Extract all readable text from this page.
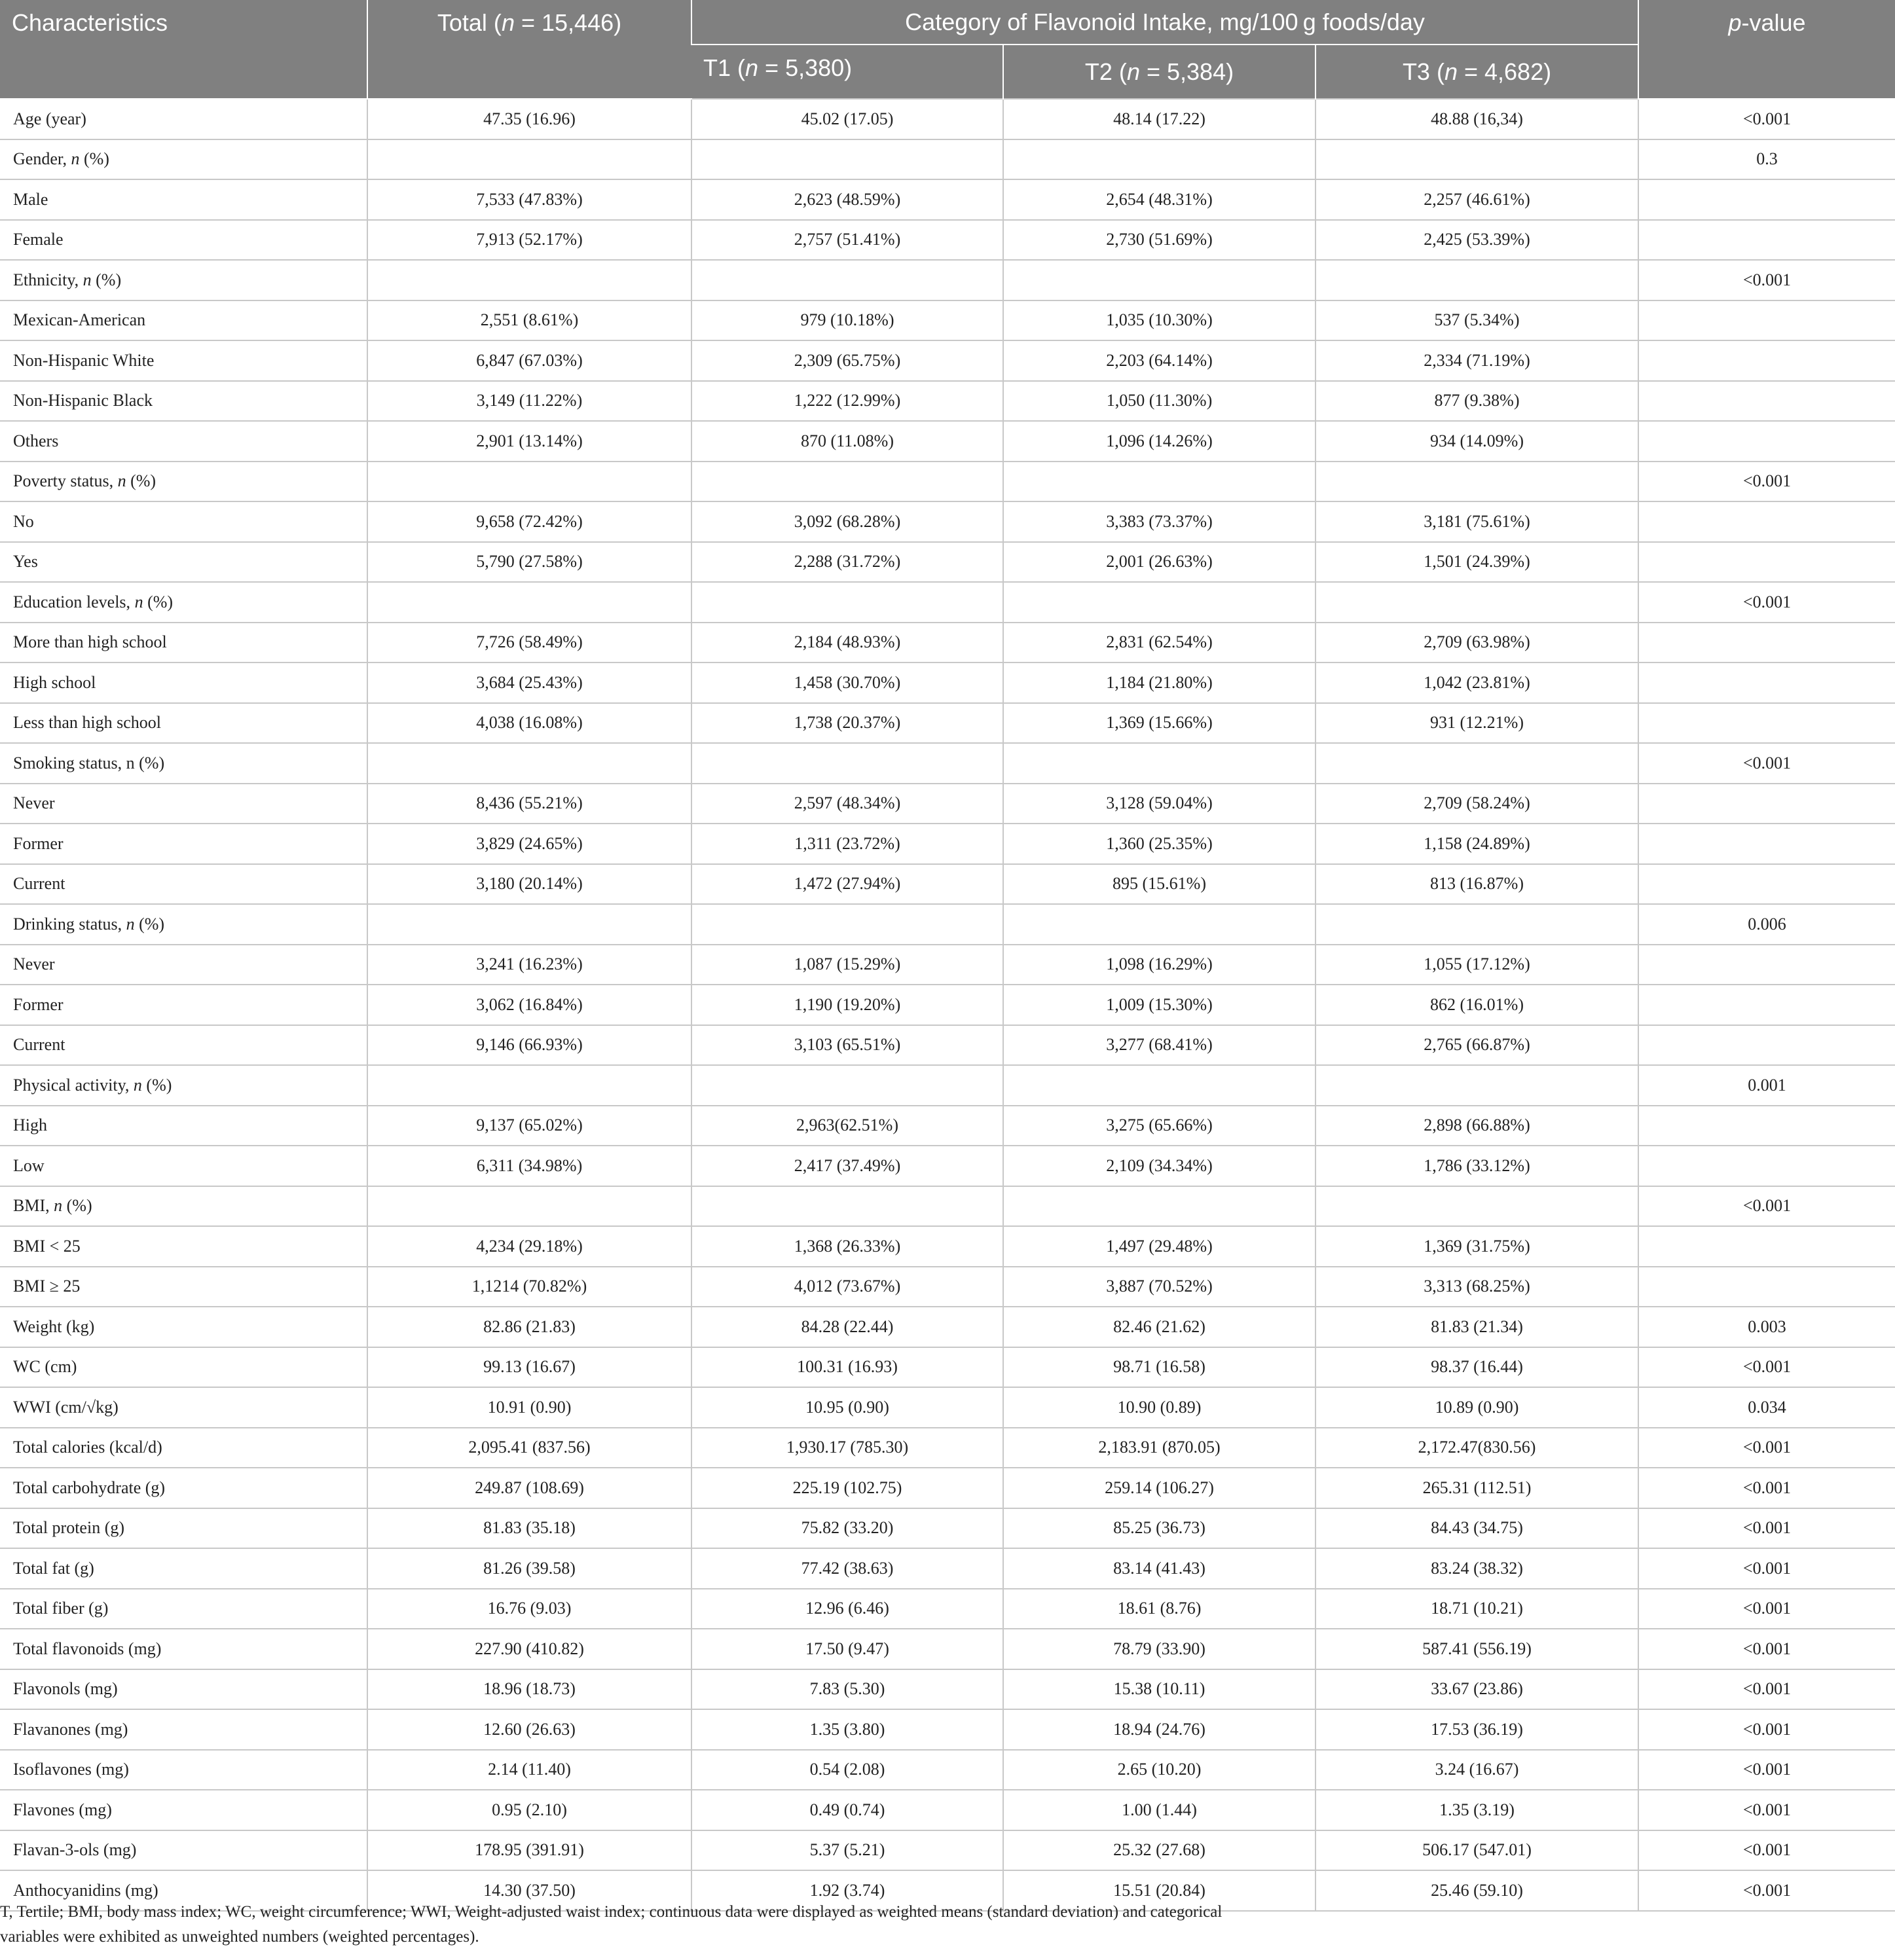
Characteristics	Total (n = 15,446)	Category of Flavonoid Intake, mg/100 g foods/day			p-value
		T1 (n = 5,380)	T2 (n = 5,384)	T3 (n = 4,682)	
Age (year)	47.35 (16.96)	45.02 (17.05)	48.14 (17.22)	48.88 (16,34)	<0.001
Gender, n (%)					0.3
Male	7,533 (47.83%)	2,623 (48.59%)	2,654 (48.31%)	2,257 (46.61%)	
Female	7,913 (52.17%)	2,757 (51.41%)	2,730 (51.69%)	2,425 (53.39%)	
Ethnicity, n (%)					<0.001
Mexican-American	2,551 (8.61%)	979 (10.18%)	1,035 (10.30%)	537 (5.34%)	
Non-Hispanic White	6,847 (67.03%)	2,309 (65.75%)	2,203 (64.14%)	2,334 (71.19%)	
Non-Hispanic Black	3,149 (11.22%)	1,222 (12.99%)	1,050 (11.30%)	877 (9.38%)	
Others	2,901 (13.14%)	870 (11.08%)	1,096 (14.26%)	934 (14.09%)	
Poverty status, n (%)					<0.001
No	9,658 (72.42%)	3,092 (68.28%)	3,383 (73.37%)	3,181 (75.61%)	
Yes	5,790 (27.58%)	2,288 (31.72%)	2,001 (26.63%)	1,501 (24.39%)	
Education levels, n (%)					<0.001
More than high school	7,726 (58.49%)	2,184 (48.93%)	2,831 (62.54%)	2,709 (63.98%)	
High school	3,684 (25.43%)	1,458 (30.70%)	1,184 (21.80%)	1,042 (23.81%)	
Less than high school	4,038 (16.08%)	1,738 (20.37%)	1,369 (15.66%)	931 (12.21%)	
Smoking status, n (%)					<0.001
Never	8,436 (55.21%)	2,597 (48.34%)	3,128 (59.04%)	2,709 (58.24%)	
Former	3,829 (24.65%)	1,311 (23.72%)	1,360 (25.35%)	1,158 (24.89%)	
Current	3,180 (20.14%)	1,472 (27.94%)	895 (15.61%)	813 (16.87%)	
Drinking status, n (%)					0.006
Never	3,241 (16.23%)	1,087 (15.29%)	1,098 (16.29%)	1,055 (17.12%)	
Former	3,062 (16.84%)	1,190 (19.20%)	1,009 (15.30%)	862 (16.01%)	
Current	9,146 (66.93%)	3,103 (65.51%)	3,277 (68.41%)	2,765 (66.87%)	
Physical activity, n (%)					0.001
High	9,137 (65.02%)	2,963(62.51%)	3,275 (65.66%)	2,898 (66.88%)	
Low	6,311 (34.98%)	2,417 (37.49%)	2,109 (34.34%)	1,786 (33.12%)	
BMI, n (%)					<0.001
BMI < 25	4,234 (29.18%)	1,368 (26.33%)	1,497 (29.48%)	1,369 (31.75%)	
BMI ≥ 25	1,1214 (70.82%)	4,012 (73.67%)	3,887 (70.52%)	3,313 (68.25%)	
Weight (kg)	82.86 (21.83)	84.28 (22.44)	82.46 (21.62)	81.83 (21.34)	0.003
WC (cm)	99.13 (16.67)	100.31 (16.93)	98.71 (16.58)	98.37 (16.44)	<0.001
WWI (cm/√kg)	10.91 (0.90)	10.95 (0.90)	10.90 (0.89)	10.89 (0.90)	0.034
Total calories (kcal/d)	2,095.41 (837.56)	1,930.17 (785.30)	2,183.91 (870.05)	2,172.47(830.56)	<0.001
Total carbohydrate (g)	249.87 (108.69)	225.19 (102.75)	259.14 (106.27)	265.31 (112.51)	<0.001
Total protein (g)	81.83 (35.18)	75.82 (33.20)	85.25 (36.73)	84.43 (34.75)	<0.001
Total fat (g)	81.26 (39.58)	77.42 (38.63)	83.14 (41.43)	83.24 (38.32)	<0.001
Total fiber (g)	16.76 (9.03)	12.96 (6.46)	18.61 (8.76)	18.71 (10.21)	<0.001
Total flavonoids (mg)	227.90 (410.82)	17.50 (9.47)	78.79 (33.90)	587.41 (556.19)	<0.001
Flavonols (mg)	18.96 (18.73)	7.83 (5.30)	15.38 (10.11)	33.67 (23.86)	<0.001
Flavanones (mg)	12.60 (26.63)	1.35 (3.80)	18.94 (24.76)	17.53 (36.19)	<0.001
Isoflavones (mg)	2.14 (11.40)	0.54 (2.08)	2.65 (10.20)	3.24 (16.67)	<0.001
Flavones (mg)	0.95 (2.10)	0.49 (0.74)	1.00 (1.44)	1.35 (3.19)	<0.001
Flavan-3-ols (mg)	178.95 (391.91)	5.37 (5.21)	25.32 (27.68)	506.17 (547.01)	<0.001
Anthocyanidins (mg)	14.30 (37.50)	1.92 (3.74)	15.51 (20.84)	25.46 (59.10)	<0.001
T, Tertile; BMI, body mass index; WC, weight circumference; WWI, Weight-adjusted waist index; continuous data were displayed as weighted means (standard deviation) and categorical
variables were exhibited as unweighted numbers (weighted percentages).
